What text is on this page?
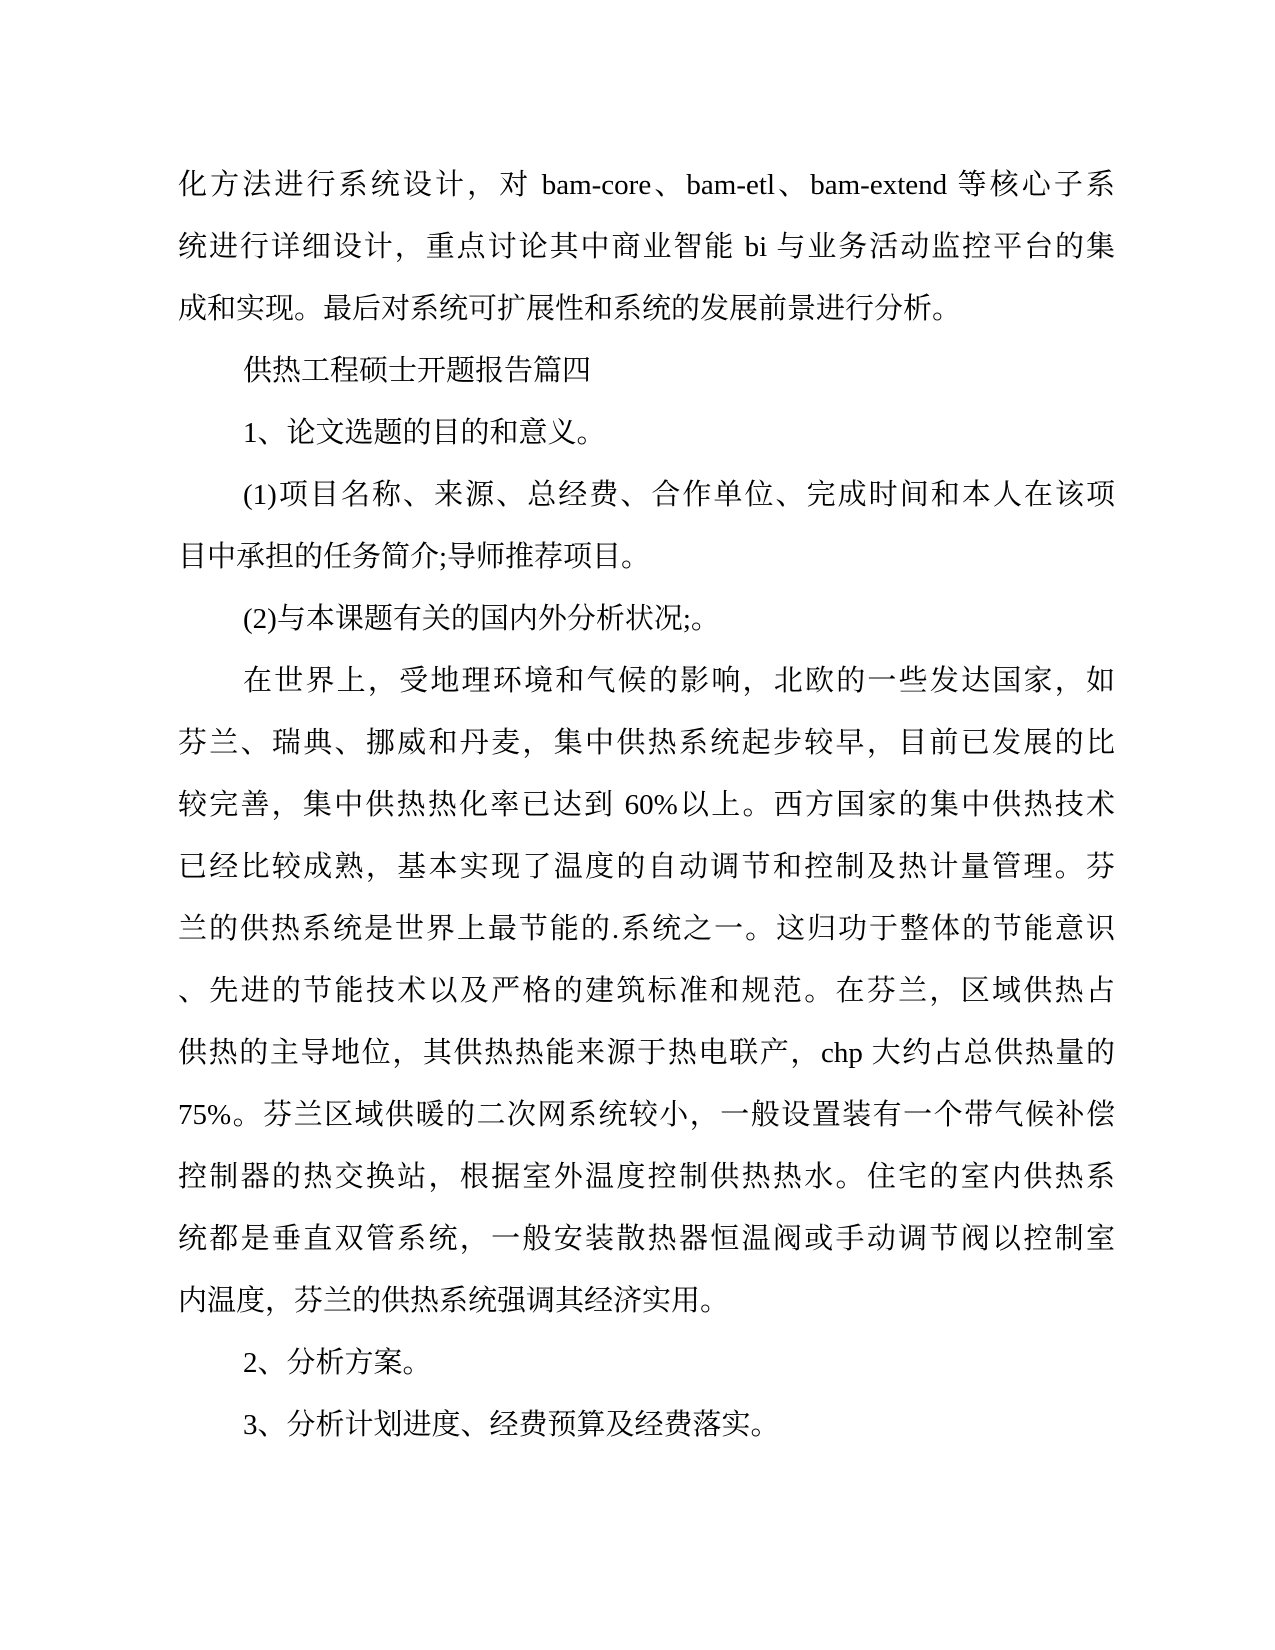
化方法进行系统设计，对 bam-core、bam-etl、bam-extend 等核心子系
统进行详细设计，重点讨论其中商业智能 bi 与业务活动监控平台的集
成和实现。最后对系统可扩展性和系统的发展前景进行分析。
供热工程硕士开题报告篇四
1、论文选题的目的和意义。
(1)项目名称、来源、总经费、合作单位、完成时间和本人在该项
目中承担的任务简介;导师推荐项目。
(2)与本课题有关的国内外分析状况;。
在世界上，受地理环境和气候的影响，北欧的一些发达国家，如
芬兰、瑞典、挪威和丹麦，集中供热系统起步较早，目前已发展的比
较完善，集中供热热化率已达到 60%以上。西方国家的集中供热技术
已经比较成熟，基本实现了温度的自动调节和控制及热计量管理。芬
兰的供热系统是世界上最节能的.系统之一。这归功于整体的节能意识
、先进的节能技术以及严格的建筑标准和规范。在芬兰，区域供热占
供热的主导地位，其供热热能来源于热电联产，chp 大约占总供热量的
75%。芬兰区域供暖的二次网系统较小，一般设置装有一个带气候补偿
控制器的热交换站，根据室外温度控制供热热水。住宅的室内供热系
统都是垂直双管系统，一般安装散热器恒温阀或手动调节阀以控制室
内温度，芬兰的供热系统强调其经济实用。
2、分析方案。
3、分析计划进度、经费预算及经费落实。
